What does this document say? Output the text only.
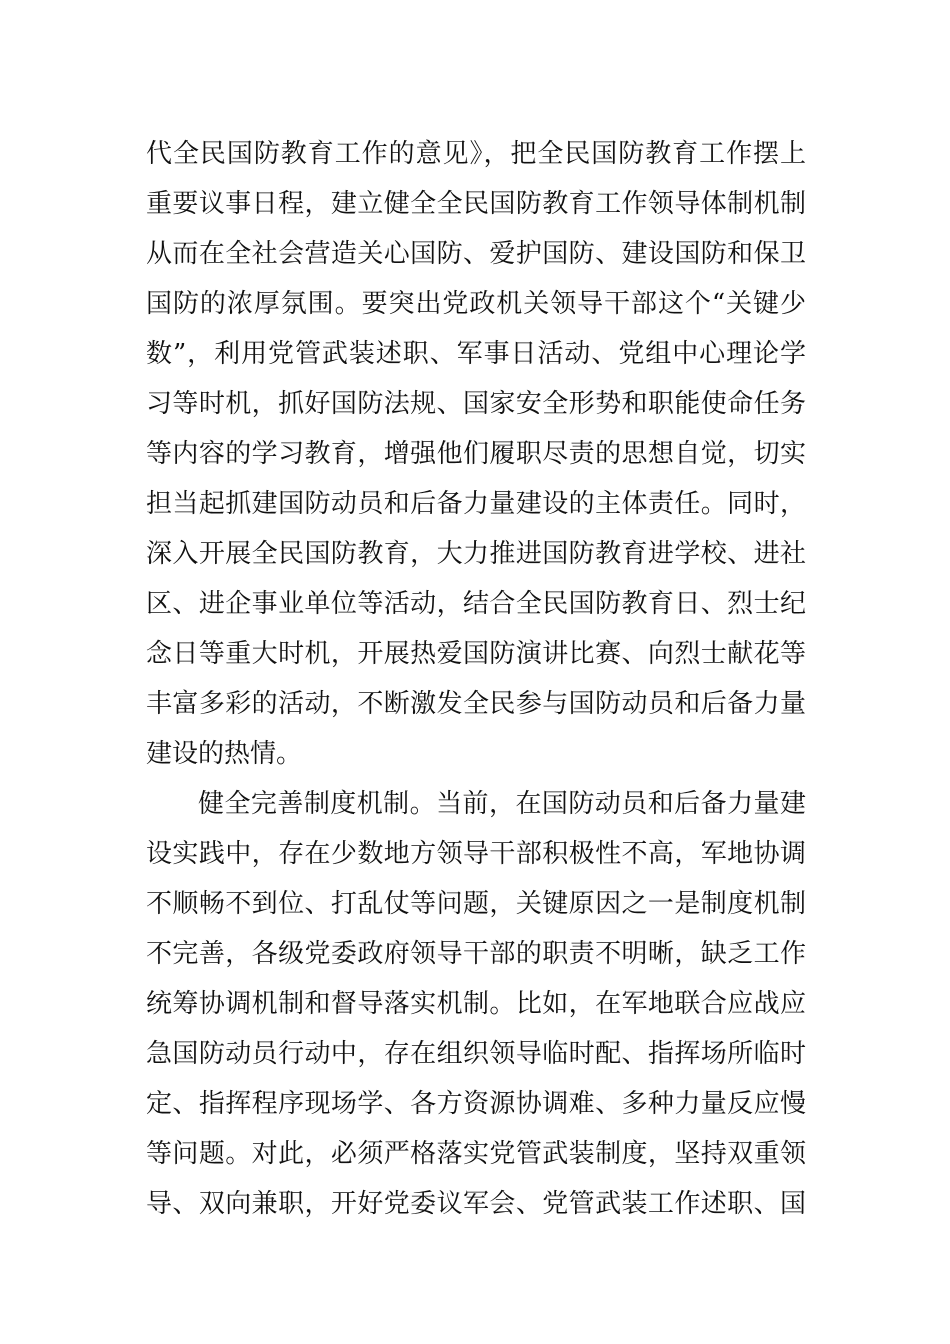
代全民国防教育工作的意见》，把全民国防教育工作摆上
重要议事日程，建立健全全民国防教育工作领导体制机制
从而在全社会营造关心国防、爱护国防、建设国防和保卫
国防的浓厚氛围。要突出党政机关领导干部这个“关键少
数”，利用党管武装述职、军事日活动、党组中心理论学
习等时机，抓好国防法规、国家安全形势和职能使命任务
等内容的学习教育，增强他们履职尽责的思想自觉，切实
担当起抓建国防动员和后备力量建设的主体责任。同时，
深入开展全民国防教育，大力推进国防教育进学校、进社
区、进企事业单位等活动，结合全民国防教育日、烈士纪
念日等重大时机，开展热爱国防演讲比赛、向烈士献花等
丰富多彩的活动，不断激发全民参与国防动员和后备力量
建设的热情。
健全完善制度机制。当前，在国防动员和后备力量建
设实践中，存在少数地方领导干部积极性不高，军地协调
不顺畅不到位、打乱仗等问题，关键原因之一是制度机制
不完善，各级党委政府领导干部的职责不明晰，缺乏工作
统筹协调机制和督导落实机制。比如，在军地联合应战应
急国防动员行动中，存在组织领导临时配、指挥场所临时
定、指挥程序现场学、各方资源协调难、多种力量反应慢
等问题。对此，必须严格落实党管武装制度，坚持双重领
导、双向兼职，开好党委议军会、党管武装工作述职、国
